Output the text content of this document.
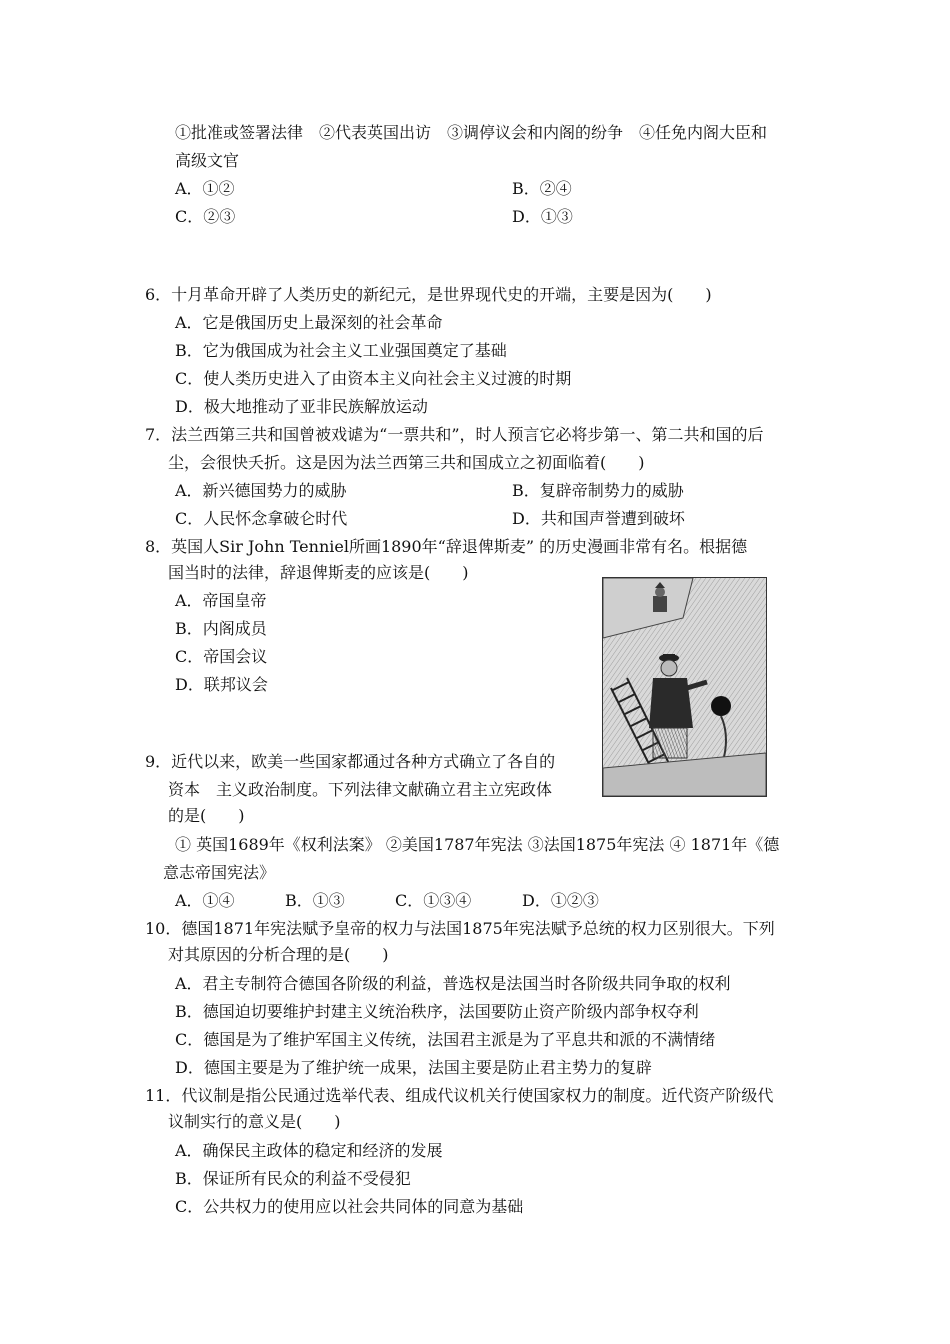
①批准或签署法律　②代表英国出访　③调停议会和内阁的纷争　④任免内阁大臣和
高级文官
A．①②	B．②④
C．②③	D．①③
6．十月革命开辟了人类历史的新纪元，是世界现代史的开端，主要是因为(　　)
A．它是俄国历史上最深刻的社会革命
B．它为俄国成为社会主义工业强国奠定了基础
C．使人类历史进入了由资本主义向社会主义过渡的时期
D．极大地推动了亚非民族解放运动
7．法兰西第三共和国曾被戏谑为“一票共和”，时人预言它必将步第一、第二共和国的后
尘，会很快夭折。这是因为法兰西第三共和国成立之初面临着(　　)
A．新兴德国势力的威胁	B．复辟帝制势力的威胁
C．人民怀念拿破仑时代	D．共和国声誉遭到破坏
8．英国人Sir John Tenniel所画1890年“辞退俾斯麦” 的历史漫画非常有名。根据德
国当时的法律，辞退俾斯麦的应该是(　　)
A．帝国皇帝
B．内阁成员
C．帝国会议
D．联邦议会
9．近代以来，欧美一些国家都通过各种方式确立了各自的
资本　主义政治制度。下列法律文献确立君主立宪政体
的是(　　)
① 英国1689年《权利法案》 ②美国1787年宪法 ③法国1875年宪法 ④ 1871年《德
意志帝国宪法》
A．①④	B．①③	C．①③④	D．①②③
10．德国1871年宪法赋予皇帝的权力与法国1875年宪法赋予总统的权力区别很大。下列
对其原因的分析合理的是(　　)
A．君主专制符合德国各阶级的利益，普选权是法国当时各阶级共同争取的权利
B．德国迫切要维护封建主义统治秩序，法国要防止资产阶级内部争权夺利
C．德国是为了维护军国主义传统，法国君主派是为了平息共和派的不满情绪
D．德国主要是为了维护统一成果，法国主要是防止君主势力的复辟
11．代议制是指公民通过选举代表、组成代议机关行使国家权力的制度。近代资产阶级代
议制实行的意义是(　　)
A．确保民主政体的稳定和经济的发展
B．保证所有民众的利益不受侵犯
C．公共权力的使用应以社会共同体的同意为基础
